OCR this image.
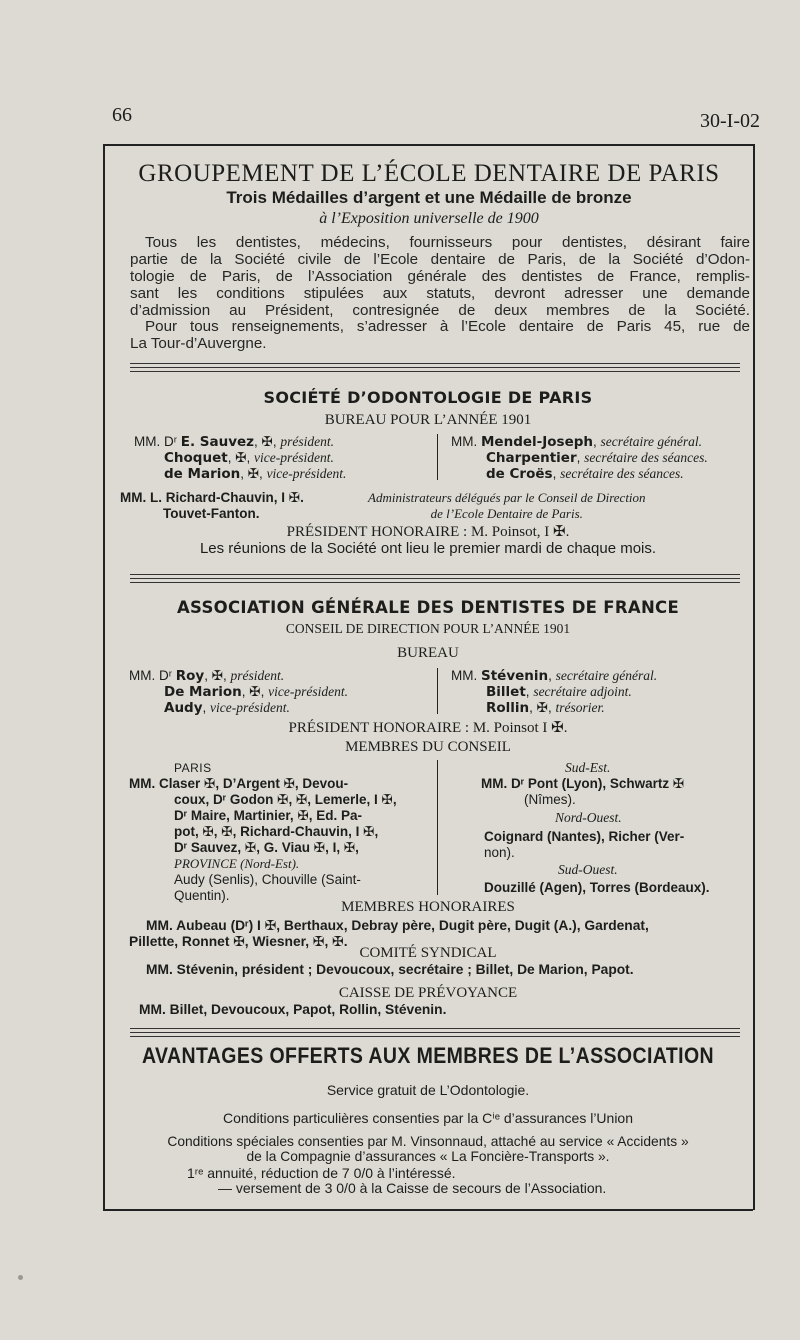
66	30-I-02
GROUPEMENT DE L’ÉCOLE DENTAIRE DE PARIS
Trois Médailles d’argent et une Médaille de bronze
à l’Exposition universelle de 1900
Tous les dentistes, médecins, fournisseurs pour dentistes, désirant faire
partie de la Société civile de l’Ecole dentaire de Paris, de la Société d’Odon-
tologie de Paris, de l’Association générale des dentistes de France, remplis-
sant les conditions stipulées aux statuts, devront adresser une demande
d’admission au Président, contresignée de deux membres de la Société.
Pour tous renseignements, s’adresser à l’Ecole dentaire de Paris 45, rue de
La Tour-d’Auvergne.
SOCIÉTÉ D’ODONTOLOGIE DE PARIS
BUREAU POUR L’ANNÉE 1901
MM. Dʳ E. Sauvez, ✠, président.
Choquet, ✠, vice-président.
de Marion, ✠, vice-président.
MM. Mendel-Joseph, secrétaire général.
Charpentier, secrétaire des séances.
de Croës, secrétaire des séances.
MM. L. Richard-Chauvin, I ✠.
Touvet-Fanton.
Administrateurs délégués par le Conseil de Direction
de l’Ecole Dentaire de Paris.
PRÉSIDENT HONORAIRE : M. Poinsot, I ✠.
Les réunions de la Société ont lieu le premier mardi de chaque mois.
ASSOCIATION GÉNÉRALE DES DENTISTES DE FRANCE
CONSEIL DE DIRECTION POUR L’ANNÉE 1901
BUREAU
MM. Dʳ Roy, ✠, président.
De Marion, ✠, vice-président.
Audy, vice-président.
MM. Stévenin, secrétaire général.
Billet, secrétaire adjoint.
Rollin, ✠, trésorier.
PRÉSIDENT HONORAIRE : M. Poinsot I ✠.
MEMBRES DU CONSEIL
PARIS
MM. Claser ✠, D’Argent ✠, Devou-
coux, Dʳ Godon ✠, ✠, Lemerle, I ✠,
Dʳ Maire, Martinier, ✠, Ed. Pa-
pot, ✠, ✠, Richard-Chauvin, I ✠,
Dʳ Sauvez, ✠, G. Viau ✠, I, ✠,
PROVINCE (Nord-Est).
Audy (Senlis), Chouville (Saint-
Quentin).
Sud-Est.
MM. Dʳ Pont (Lyon), Schwartz ✠
(Nîmes).
Nord-Ouest.
Coignard (Nantes), Richer (Ver-
non).
Sud-Ouest.
Douzillé (Agen), Torres (Bordeaux).
MEMBRES HONORAIRES
MM. Aubeau (Dʳ) I ✠, Berthaux, Debray père, Dugit père, Dugit (A.), Gardenat,
Pillette, Ronnet ✠, Wiesner, ✠, ✠.
COMITÉ SYNDICAL
MM. Stévenin, président ; Devoucoux, secrétaire ; Billet, De Marion, Papot.
CAISSE DE PRÉVOYANCE
MM. Billet, Devoucoux, Papot, Rollin, Stévenin.
AVANTAGES OFFERTS AUX MEMBRES DE L’ASSOCIATION
Service gratuit de L’Odontologie.
Conditions particulières consenties par la Cⁱᵉ d’assurances l’Union
Conditions spéciales consenties par M. Vinsonnaud, attaché au service « Accidents »
de la Compagnie d’assurances « La Foncière-Transports ».
1ʳᵉ annuité, réduction de 7 0/0 à l’intéressé.
— versement de 3 0/0 à la Caisse de secours de l’Association.
